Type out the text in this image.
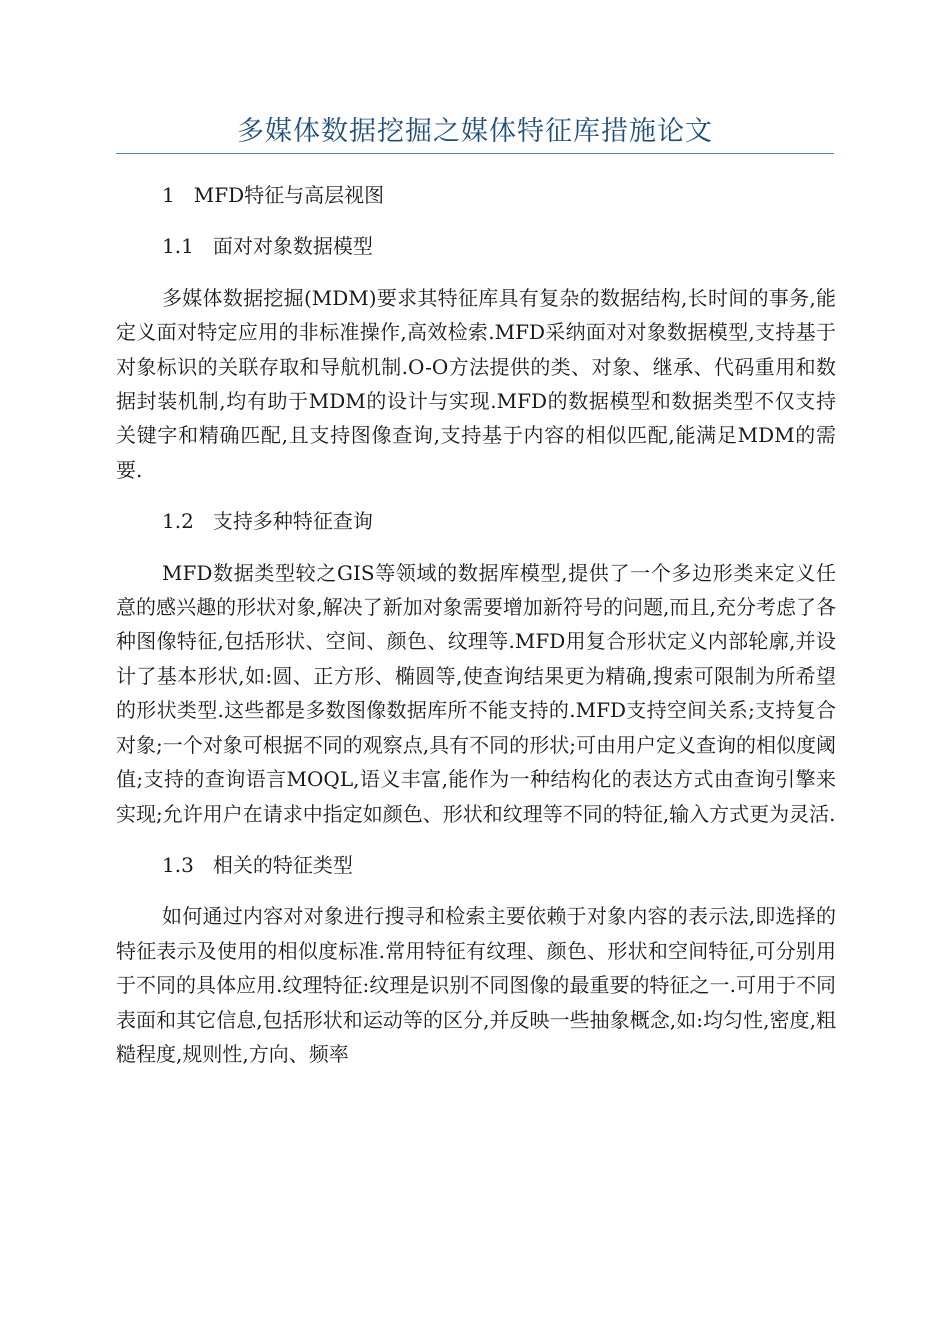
多媒体数据挖掘之媒体特征库措施论文

1   MFD特征与高层视图

1.1   面对对象数据模型

多媒体数据挖掘(MDM)要求其特征库具有复杂的数据结构,长时间的事务,能定义面对特定应用的非标准操作,高效检索.MFD采纳面对对象数据模型,支持基于对象标识的关联存取和导航机制.O-O方法提供的类、对象、继承、代码重用和数据封装机制,均有助于MDM的设计与实现.MFD的数据模型和数据类型不仅支持关键字和精确匹配,且支持图像查询,支持基于内容的相似匹配,能满足MDM的需要.

1.2   支持多种特征查询

MFD数据类型较之GIS等领域的数据库模型,提供了一个多边形类来定义任意的感兴趣的形状对象,解决了新加对象需要增加新符号的问题,而且,充分考虑了各种图像特征,包括形状、空间、颜色、纹理等.MFD用复合形状定义内部轮廓,并设计了基本形状,如:圆、正方形、椭圆等,使查询结果更为精确,搜索可限制为所希望的形状类型.这些都是多数图像数据库所不能支持的.MFD支持空间关系;支持复合对象;一个对象可根据不同的观察点,具有不同的形状;可由用户定义查询的相似度阈值;支持的查询语言MOQL,语义丰富,能作为一种结构化的表达方式由查询引擎来实现;允许用户在请求中指定如颜色、形状和纹理等不同的特征,输入方式更为灵活.

1.3   相关的特征类型

如何通过内容对对象进行搜寻和检索主要依赖于对象内容的表示法,即选择的特征表示及使用的相似度标准.常用特征有纹理、颜色、形状和空间特征,可分别用于不同的具体应用.纹理特征:纹理是识别不同图像的最重要的特征之一.可用于不同表面和其它信息,包括形状和运动等的区分,并反映一些抽象概念,如:均匀性,密度,粗糙程度,规则性,方向、频率
